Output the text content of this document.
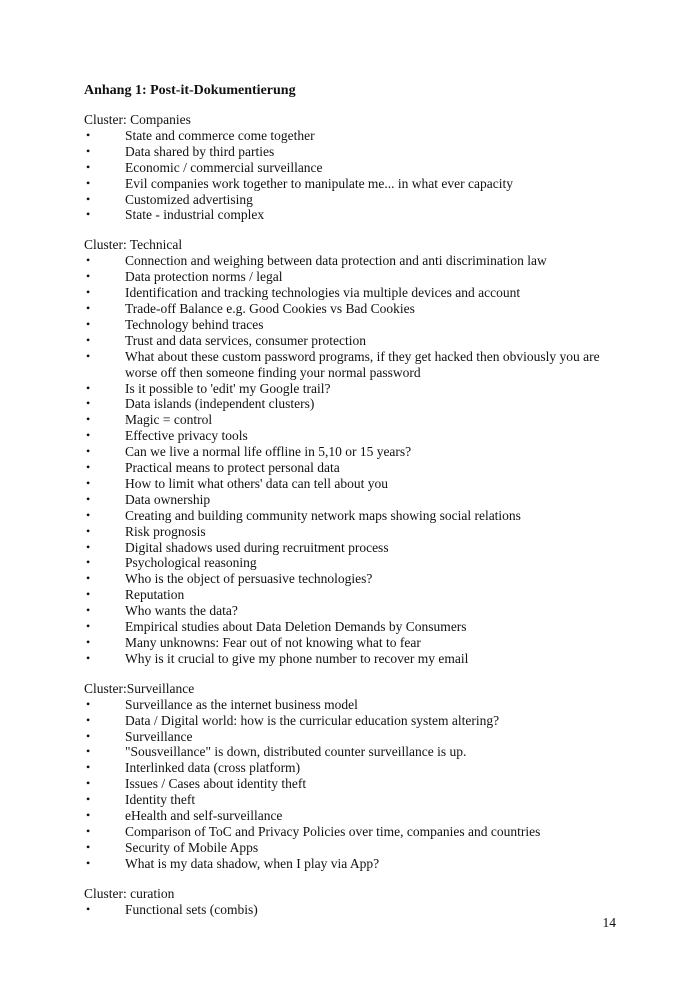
Anhang 1: Post-it-Dokumentierung

Cluster: Companies

•	State and commerce come together
•	Data shared by third parties
•	Economic / commercial surveillance
•	Evil companies work together to manipulate me... in what ever capacity
•	Customized advertising
•	State - industrial complex

Cluster: Technical

•	Connection and weighing between data protection and anti discrimination law
•	Data protection norms / legal
•	Identification and tracking technologies via multiple devices and account
•	Trade-off Balance e.g. Good Cookies vs Bad Cookies
•	Technology behind traces
•	Trust and data services, consumer protection
•	What about these custom password programs, if they get hacked then obviously you are worse off then someone finding your normal password
•	Is it possible to 'edit' my Google trail?
•	Data islands (independent clusters)
•	Magic = control
•	Effective privacy tools
•	Can we live a normal life offline in 5,10 or 15 years?
•	Practical means to protect personal data
•	How to limit what others' data can tell about you
•	Data ownership
•	Creating and building community network maps showing social relations
•	Risk prognosis
•	Digital shadows used during recruitment process
•	Psychological reasoning
•	Who is the object of persuasive technologies?
•	Reputation
•	Who wants the data?
•	Empirical studies about Data Deletion Demands by Consumers
•	Many unknowns: Fear out of not knowing what to fear
•	Why is it crucial to give my phone number to recover my email

Cluster:Surveillance

•	Surveillance as the internet business model
•	Data / Digital world: how is the curricular education system altering?
•	Surveillance
•	"Sousveillance" is down, distributed counter surveillance is up.
•	Interlinked data (cross platform)
•	Issues / Cases about identity theft
•	Identity theft
•	eHealth and self-surveillance
•	Comparison of ToC and Privacy Policies over time, companies and countries
•	Security of Mobile Apps
•	What is my data shadow, when I play via App?

Cluster: curation

•	Functional sets (combis)
14
